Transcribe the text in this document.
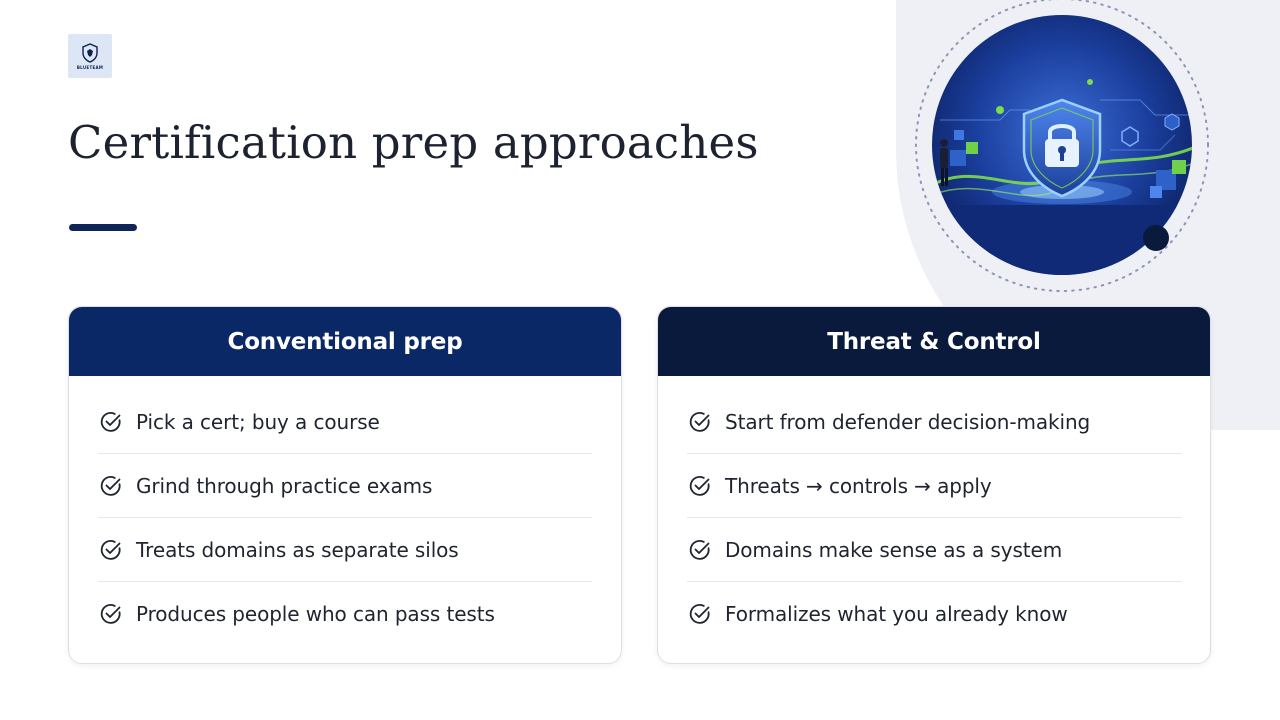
BLUETEAM
Certification prep approaches
Conventional prep
Pick a cert; buy a course
Grind through practice exams
Treats domains as separate silos
Produces people who can pass tests
Threat & Control
Start from defender decision-making
Threats → controls → apply
Domains make sense as a system
Formalizes what you already know
